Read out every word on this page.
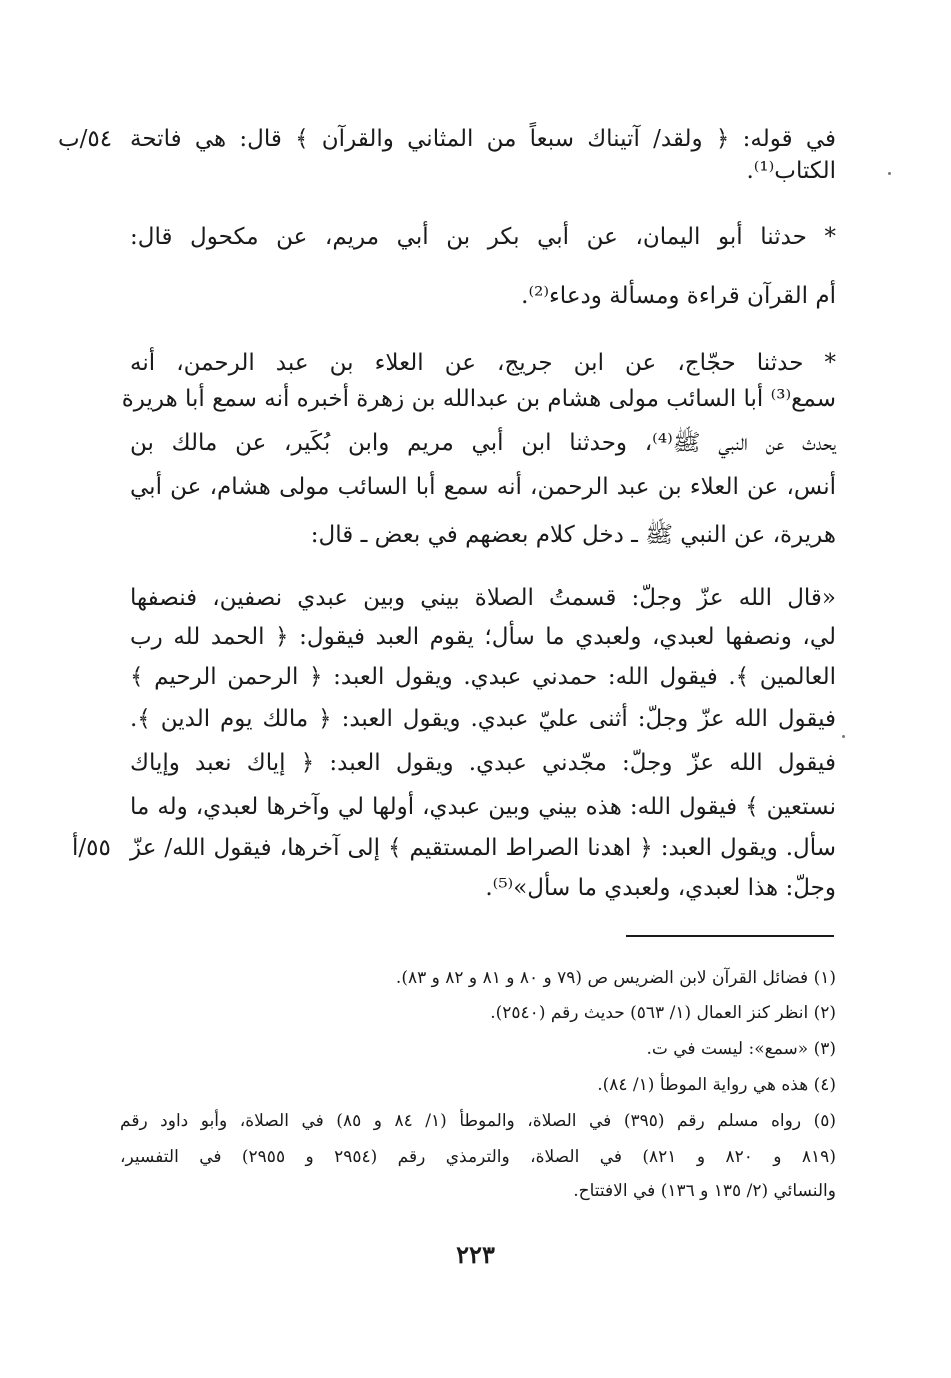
في قوله: ﴿ ولقد/ آتيناك سبعاً من المثاني والقرآن ﴾ قال: هي فاتحة
الكتاب⁽¹⁾.
* حدثنا أبو اليمان، عن أبي بكر بن أبي مريم، عن مكحول قال:
أم القرآن قراءة ومسألة ودعاء⁽²⁾.
* حدثنا حجّاج، عن ابن جريج، عن العلاء بن عبد الرحمن، أنه
سمع⁽³⁾ أبا السائب مولى هشام بن عبدالله بن زهرة أخبره أنه سمع أبا هريرة
يحدث عن النبي ﷺ⁽⁴⁾، وحدثنا ابن أبي مريم وابن بُكَير، عن مالك بن
أنس، عن العلاء بن عبد الرحمن، أنه سمع أبا السائب مولى هشام، عن أبي
هريرة، عن النبي ﷺ ـ دخل كلام بعضهم في بعض ـ قال:
«قال الله عزّ وجلّ: قسمتُ الصلاة بيني وبين عبدي نصفين، فنصفها
لي، ونصفها لعبدي، ولعبدي ما سأل؛ يقوم العبد فيقول: ﴿ الحمد لله رب
العالمين ﴾. فيقول الله: حمدني عبدي. ويقول العبد: ﴿ الرحمن الرحيم ﴾
فيقول الله عزّ وجلّ: أثنى عليّ عبدي. ويقول العبد: ﴿ مالك يوم الدين ﴾.
فيقول الله عزّ وجلّ: مجّدني عبدي. ويقول العبد: ﴿ إياك نعبد وإياك
نستعين ﴾ فيقول الله: هذه بيني وبين عبدي، أولها لي وآخرها لعبدي، وله ما
سأل. ويقول العبد: ﴿ اهدنا الصراط المستقيم ﴾ إلى آخرها، فيقول الله/ عزّ
وجلّ: هذا لعبدي، ولعبدي ما سأل»⁽⁵⁾.
٥٤/ب
٥٥/أ
(١) فضائل القرآن لابن الضريس ص (٧٩ و ٨٠ و ٨١ و ٨٢ و ٨٣).
(٢) انظر كنز العمال (١/ ٥٦٣) حديث رقم (٢٥٤٠).
(٣) «سمع»: ليست في ت.
(٤) هذه هي رواية الموطأ (١/ ٨٤).
(٥) رواه مسلم رقم (٣٩٥) في الصلاة، والموطأ (١/ ٨٤ و ٨٥) في الصلاة، وأبو داود رقم
(٨١٩ و ٨٢٠ و ٨٢١) في الصلاة، والترمذي رقم (٢٩٥٤ و ٢٩٥٥) في التفسير،
والنسائي (٢/ ١٣٥ و ١٣٦) في الافتتاح.
٢٢٣
